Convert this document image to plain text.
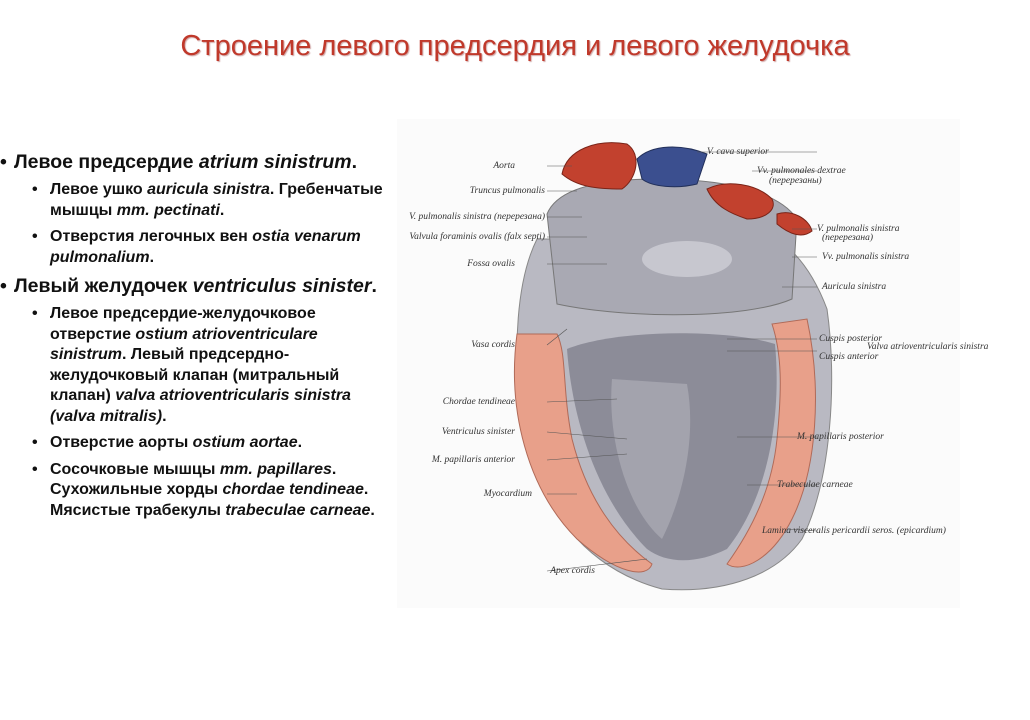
Строение левого предсердия и левого желудочка
• Левое предсердие atrium sinistrum.
• Левое ушко auricula sinistra. Гребенчатые мышцы mm. pectinati.
• Отверстия легочных вен ostia venarum pulmonalium.
• Левый желудочек ventriculus sinister.
• Левое предсердие-желудочковое отверстие ostium atrioventriculare sinistrum. Левый предсердно-желудочковый клапан (митральный клапан) valva atrioventricularis sinistra (valva mitralis).
• Отверстие аорты ostium aortae.
• Сосочковые мышцы mm. papillares. Сухожильные хорды chordae tendineae. Мясистые трабекулы trabeculae carneae.
Aorta
Truncus pulmonalis
V. pulmonalis sinistra (перерезана)
Valvula foraminis ovalis (falx septi)
Fossa ovalis
Vasa cordis
Chordae tendineae
Ventriculus sinister
M. papillaris anterior
Myocardium
Apex cordis
V. cava superior
Vv. pulmonales dextrae
(перерезаны)
V. pulmonalis sinistra
(перерезана)
Vv. pulmonalis sinistra
Auricula sinistra
Cuspis posterior
Cuspis anterior
Valva atrioventricularis sinistra
M. papillaris posterior
Trabeculae carneae
Lamina visceralis pericardii seros. (epicardium)
